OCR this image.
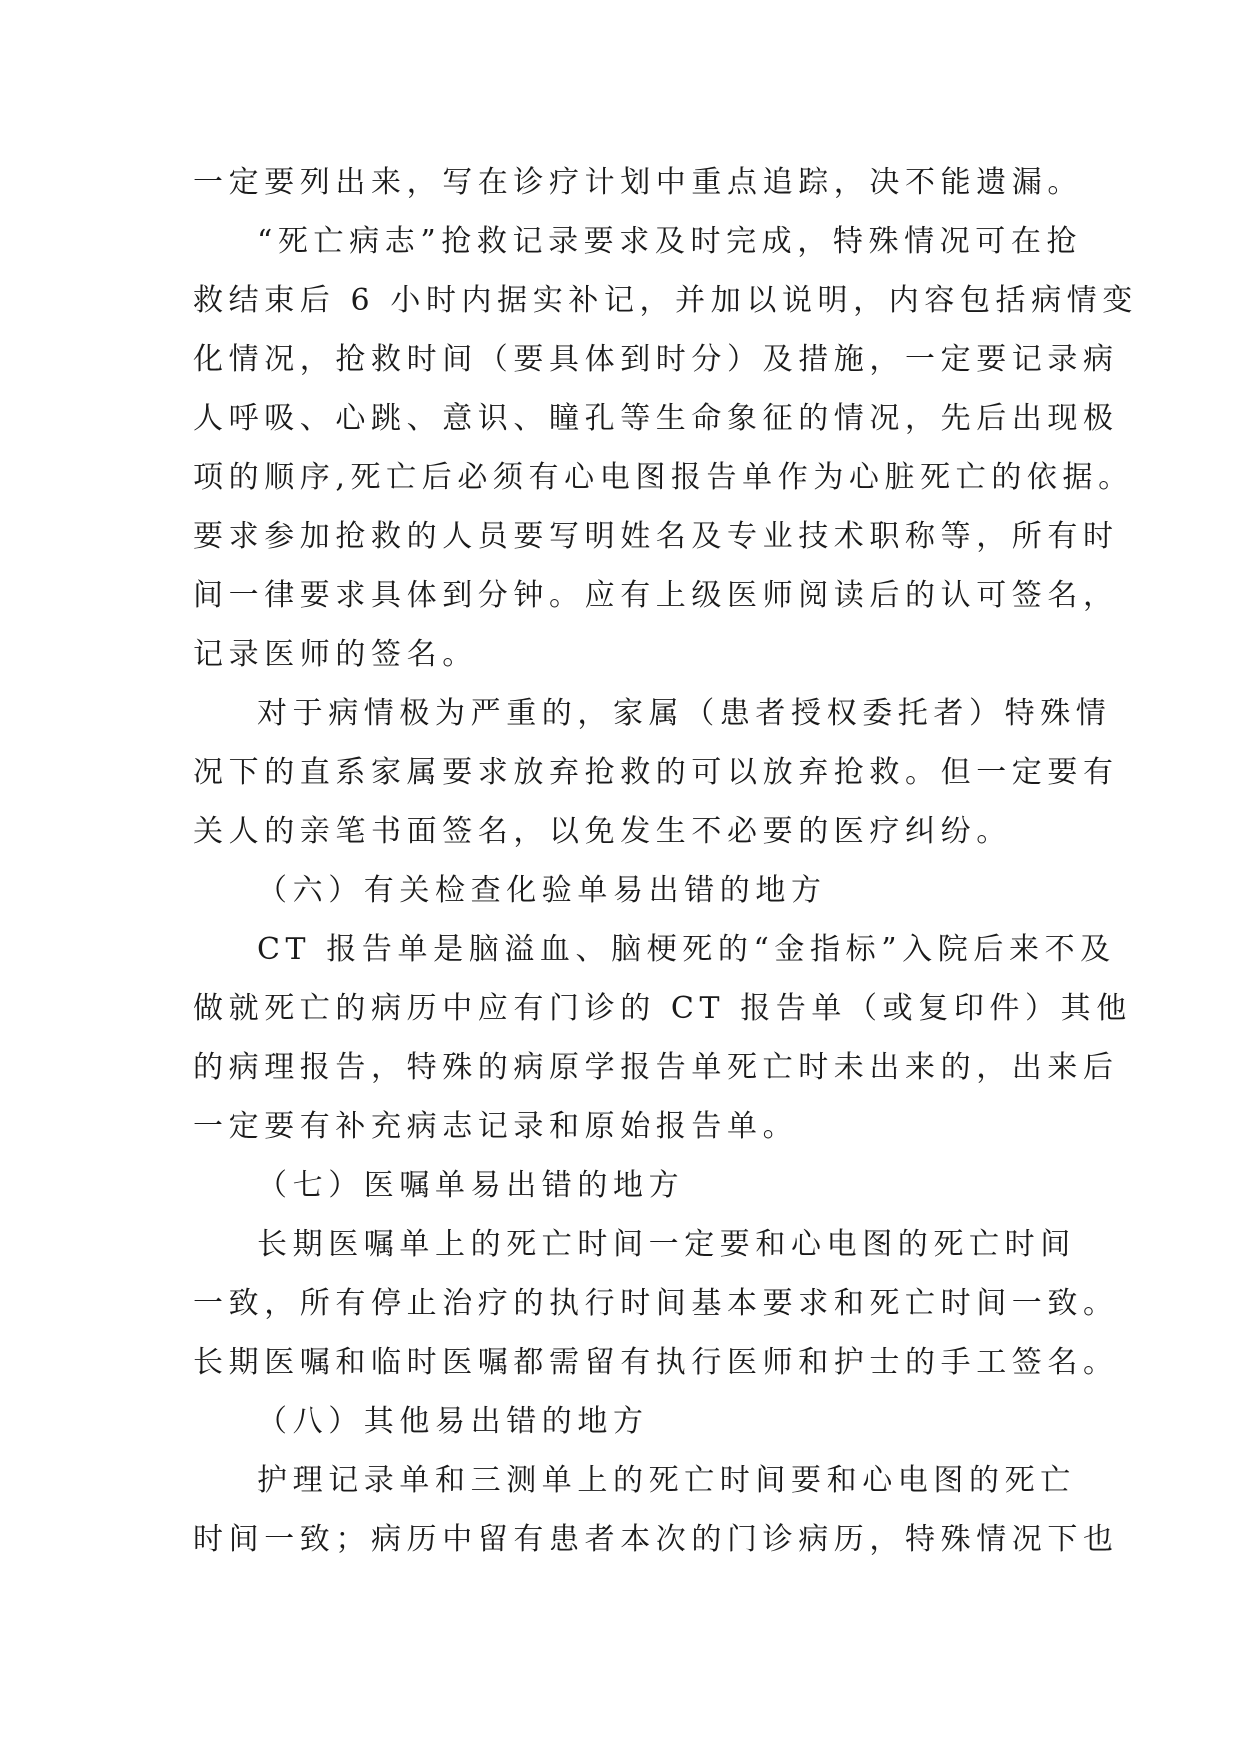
一定要列出来，写在诊疗计划中重点追踪，决不能遗漏。

“死亡病志”抢救记录要求及时完成，特殊情况可在抢

救结束后 6 小时内据实补记，并加以说明，内容包括病情变

化情况，抢救时间（要具体到时分）及措施，一定要记录病

人呼吸、心跳、意识、瞳孔等生命象征的情况，先后出现极

项的顺序,死亡后必须有心电图报告单作为心脏死亡的依据。

要求参加抢救的人员要写明姓名及专业技术职称等，所有时

间一律要求具体到分钟。应有上级医师阅读后的认可签名，

记录医师的签名。

对于病情极为严重的，家属（患者授权委托者）特殊情

况下的直系家属要求放弃抢救的可以放弃抢救。但一定要有

关人的亲笔书面签名，以免发生不必要的医疗纠纷。

（六）有关检查化验单易出错的地方

CT 报告单是脑溢血、脑梗死的“金指标”入院后来不及

做就死亡的病历中应有门诊的 CT 报告单（或复印件）其他

的病理报告，特殊的病原学报告单死亡时未出来的，出来后

一定要有补充病志记录和原始报告单。

（七）医嘱单易出错的地方

长期医嘱单上的死亡时间一定要和心电图的死亡时间

一致，所有停止治疗的执行时间基本要求和死亡时间一致。

长期医嘱和临时医嘱都需留有执行医师和护士的手工签名。

（八）其他易出错的地方

护理记录单和三测单上的死亡时间要和心电图的死亡

时间一致；病历中留有患者本次的门诊病历，特殊情况下也
